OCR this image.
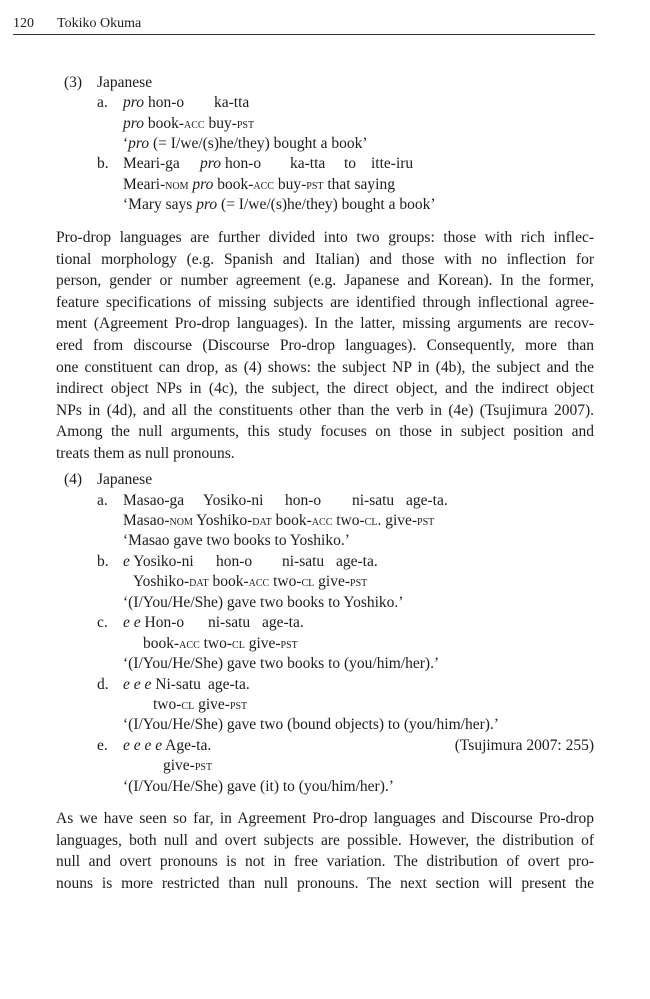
120 Tokiko Okuma
(3) Japanese
a. pro hon-o ka-tta
pro book-acc buy-pst
‘pro (= I/we/(s)he/they) bought a book’
b. Meari-ga pro hon-o ka-tta to itte-iru
Meari-nom pro book-acc buy-pst that saying
‘Mary says pro (= I/we/(s)he/they) bought a book’
Pro-drop languages are further divided into two groups: those with rich inflec-
tional morphology (e.g. Spanish and Italian) and those with no inflection for
person, gender or number agreement (e.g. Japanese and Korean). In the former,
feature specifications of missing subjects are identified through inflectional agree-
ment (Agreement Pro-drop languages). In the latter, missing arguments are recov-
ered from discourse (Discourse Pro-drop languages). Consequently, more than
one constituent can drop, as (4) shows: the subject NP in (4b), the subject and the
indirect object NPs in (4c), the subject, the direct object, and the indirect object
NPs in (4d), and all the constituents other than the verb in (4e) (Tsujimura 2007).
Among the null arguments, this study focuses on those in subject position and
treats them as null pronouns.
(4) Japanese
a. Masao-ga Yosiko-ni hon-o ni-satu age-ta.
Masao-nom Yoshiko-dat book-acc two-cl. give-pst
‘Masao gave two books to Yoshiko.’
b. e Yosiko-ni hon-o ni-satu age-ta.
Yoshiko-dat book-acc two-cl give-pst
‘(I/You/He/She) gave two books to Yoshiko.’
c. e e Hon-o ni-satu age-ta.
book-acc two-cl give-pst
‘(I/You/He/She) gave two books to (you/him/her).’
d. e e e Ni-satu age-ta.
two-cl give-pst
‘(I/You/He/She) gave two (bound objects) to (you/him/her).’
e. e e e e Age-ta.	(Tsujimura 2007: 255)
give-pst
‘(I/You/He/She) gave (it) to (you/him/her).’
As we have seen so far, in Agreement Pro-drop languages and Discourse Pro-drop
languages, both null and overt subjects are possible. However, the distribution of
null and overt pronouns is not in free variation. The distribution of overt pro-
nouns is more restricted than null pronouns. The next section will present the
